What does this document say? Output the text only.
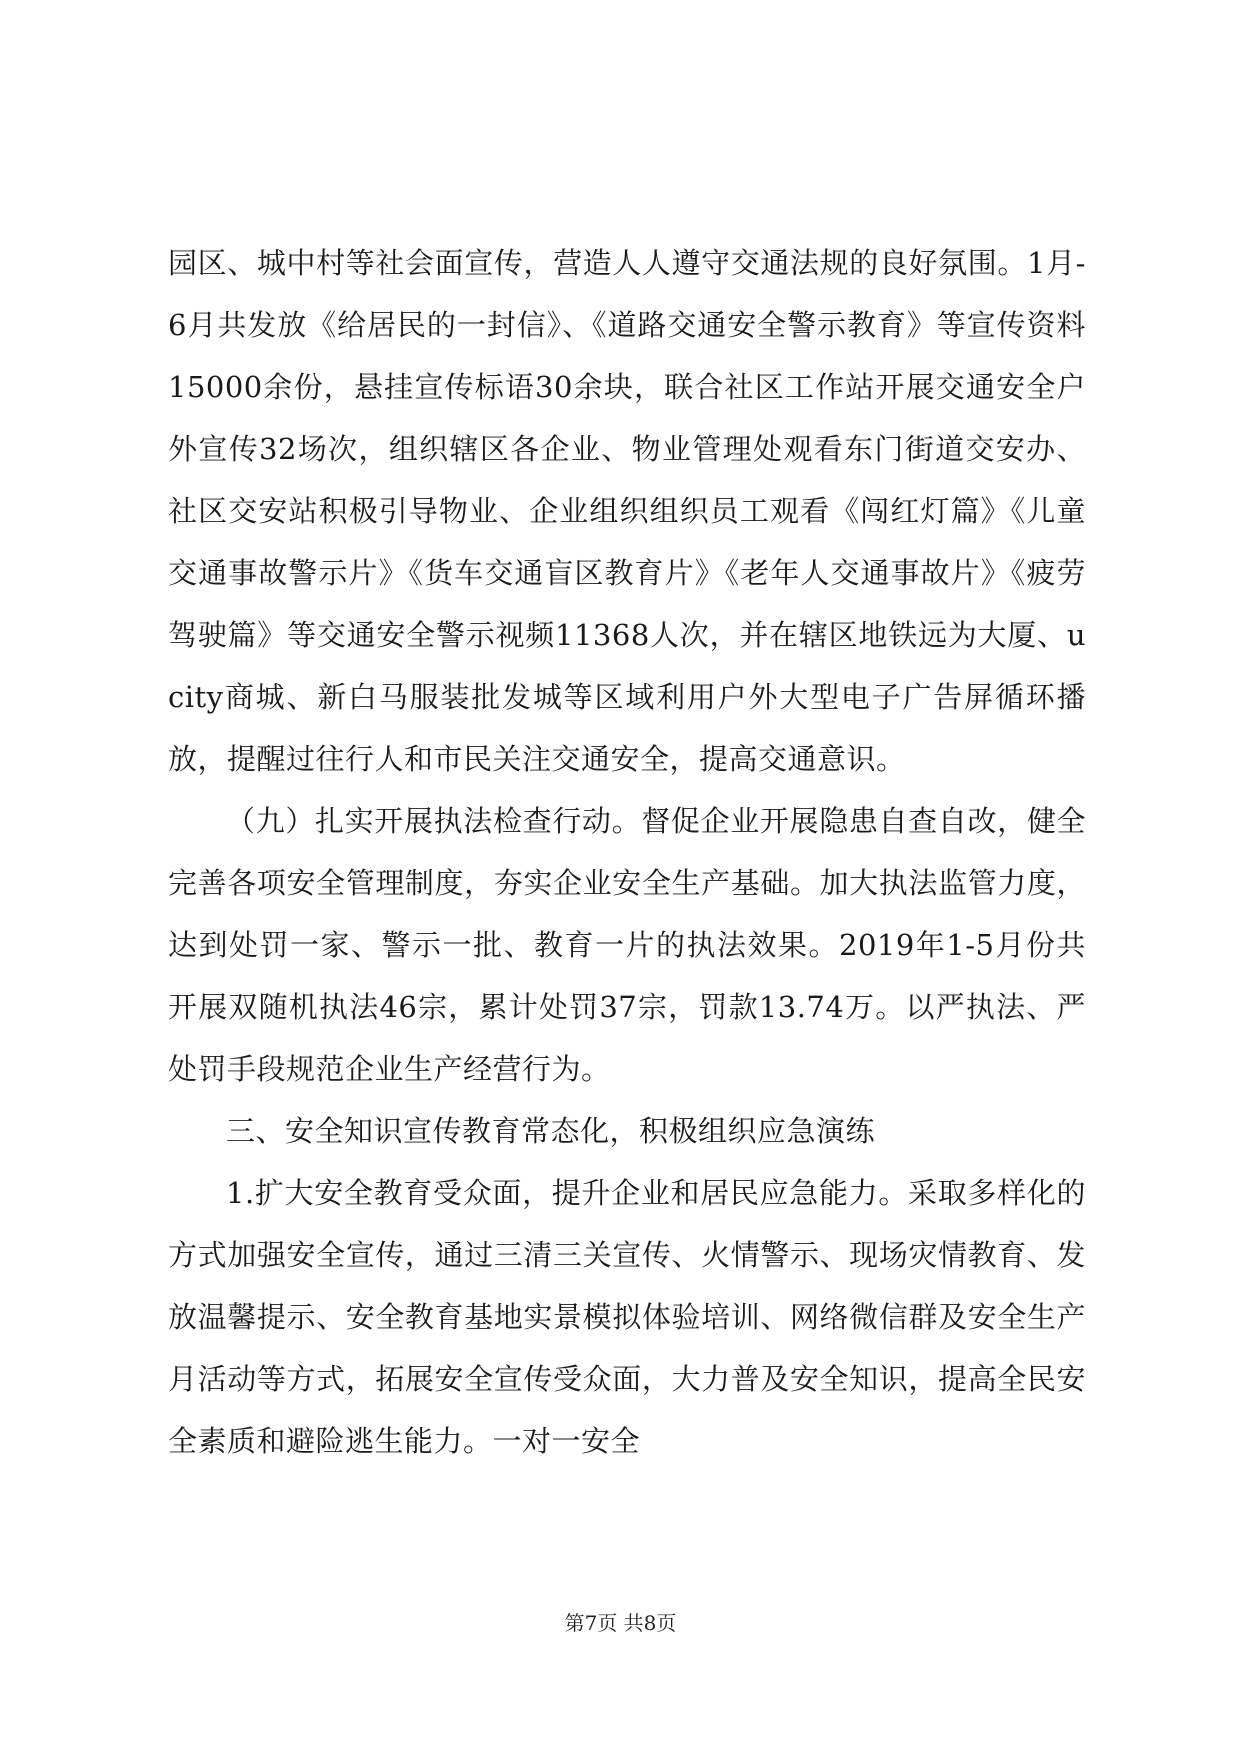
园区、城中村等社会面宣传，营造人人遵守交通法规的良好氛围。1月-6月共发放《给居民的一封信》、《道路交通安全警示教育》等宣传资料15000余份，悬挂宣传标语30余块，联合社区工作站开展交通安全户外宣传32场次，组织辖区各企业、物业管理处观看东门街道交安办、社区交安站积极引导物业、企业组织组织员工观看《闯红灯篇》《儿童交通事故警示片》《货车交通盲区教育片》《老年人交通事故片》《疲劳驾驶篇》等交通安全警示视频11368人次，并在辖区地铁远为大厦、ucity商城、新白马服装批发城等区域利用户外大型电子广告屏循环播放，提醒过往行人和市民关注交通安全，提高交通意识。

（九）扎实开展执法检查行动。督促企业开展隐患自查自改，健全完善各项安全管理制度，夯实企业安全生产基础。加大执法监管力度，达到处罚一家、警示一批、教育一片的执法效果。2019年1-5月份共开展双随机执法46宗，累计处罚37宗，罚款13.74万。以严执法、严处罚手段规范企业生产经营行为。

三、安全知识宣传教育常态化，积极组织应急演练

1.扩大安全教育受众面，提升企业和居民应急能力。采取多样化的方式加强安全宣传，通过三清三关宣传、火情警示、现场灾情教育、发放温馨提示、安全教育基地实景模拟体验培训、网络微信群及安全生产月活动等方式，拓展安全宣传受众面，大力普及安全知识，提高全民安全素质和避险逃生能力。一对一安全

第7页 共8页
